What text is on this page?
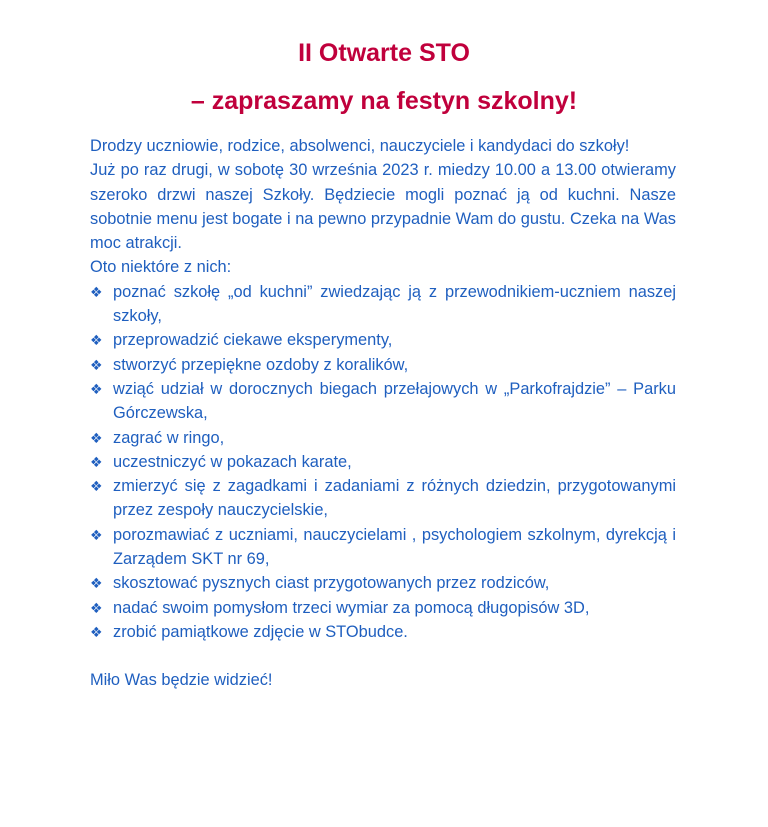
II Otwarte STO
– zapraszamy na festyn szkolny!

Drodzy uczniowie, rodzice, absolwenci, nauczyciele i kandydaci do szkoły!

Już po raz drugi, w sobotę 30 września 2023 r. miedzy 10.00 a 13.00 otwieramy szeroko drzwi naszej Szkoły. Będziecie mogli poznać ją od kuchni. Nasze sobotnie menu jest bogate i na pewno przypadnie Wam do gustu. Czeka na Was moc atrakcji.

Oto niektóre z nich:

❖ poznać szkołę „od kuchni” zwiedzając ją z przewodnikiem-uczniem naszej szkoły,
❖ przeprowadzić ciekawe eksperymenty,
❖ stworzyć przepiękne ozdoby z koralików,
❖ wziąć udział w dorocznych biegach przełajowych w „Parkofrajdzie” – Parku Górczewska,
❖ zagrać w ringo,
❖ uczestniczyć w pokazach karate,
❖ zmierzyć się z zagadkami i zadaniami z różnych dziedzin, przygotowanymi przez zespoły nauczycielskie,
❖ porozmawiać z uczniami, nauczycielami , psychologiem szkolnym, dyrekcją i Zarządem SKT nr 69,
❖ skosztować pysznych ciast przygotowanych przez rodziców,
❖ nadać swoim pomysłom trzeci wymiar za pomocą długopisów 3D,
❖ zrobić pamiątkowe zdjęcie w STObudce.

Miło Was będzie widzieć!
